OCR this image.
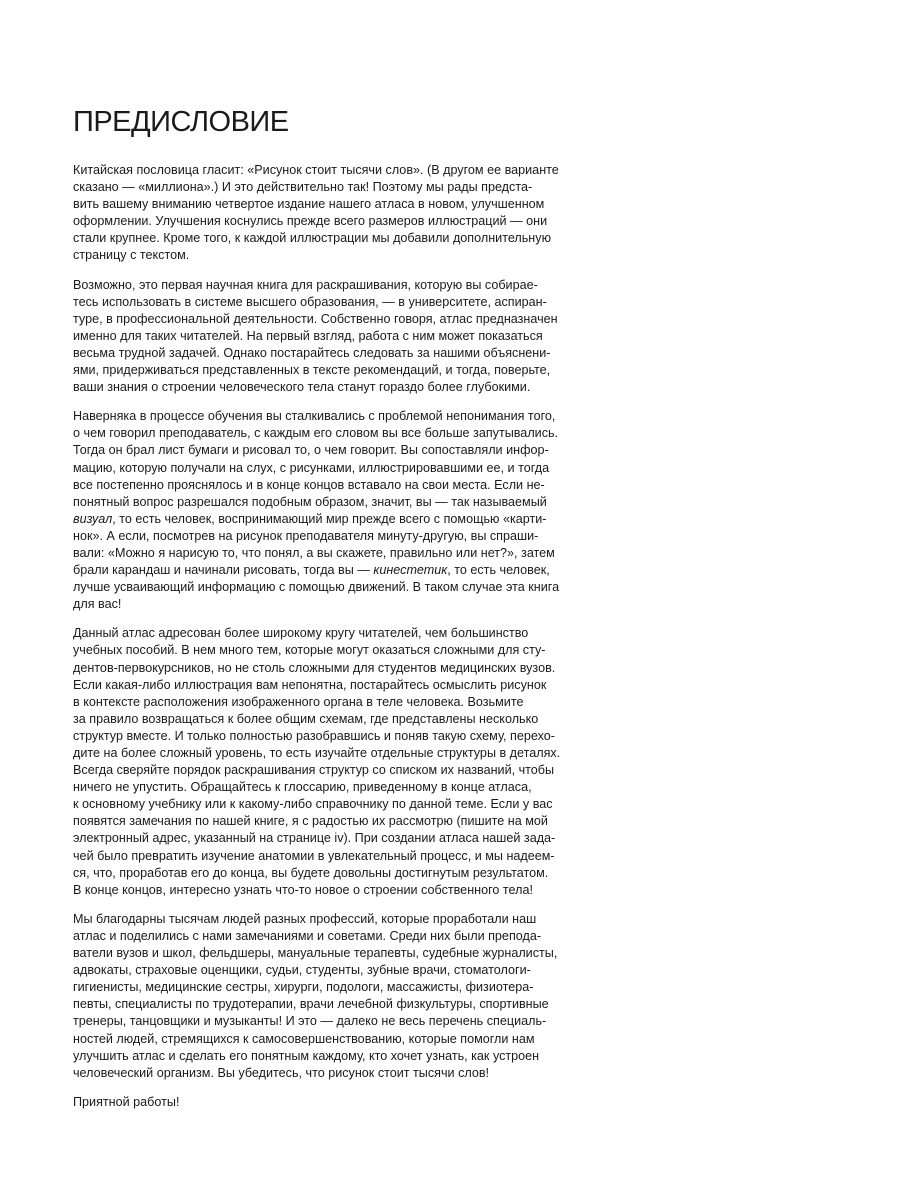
ПРЕДИСЛОВИЕ
Китайская пословица гласит: «Рисунок стоит тысячи слов». (В другом ее варианте
сказано — «миллиона».) И это действительно так! Поэтому мы рады предста-
вить вашему вниманию четвертое издание нашего атласа в новом, улучшенном
оформлении. Улучшения коснулись прежде всего размеров иллюстраций — они
стали крупнее. Кроме того, к каждой иллюстрации мы добавили дополнительную
страницу с текстом.
Возможно, это первая научная книга для раскрашивания, которую вы собирае-
тесь использовать в системе высшего образования, — в университете, аспиран-
туре, в профессиональной деятельности. Собственно говоря, атлас предназначен
именно для таких читателей. На первый взгляд, работа с ним может показаться
весьма трудной задачей. Однако постарайтесь следовать за нашими объяснени-
ями, придерживаться представленных в тексте рекомендаций, и тогда, поверьте,
ваши знания о строении человеческого тела станут гораздо более глубокими.
Наверняка в процессе обучения вы сталкивались с проблемой непонимания того,
о чем говорил преподаватель, с каждым его словом вы все больше запутывались.
Тогда он брал лист бумаги и рисовал то, о чем говорит. Вы сопоставляли инфор-
мацию, которую получали на слух, с рисунками, иллюстрировавшими ее, и тогда
все постепенно прояснялось и в конце концов вставало на свои места. Если не-
понятный вопрос разрешался подобным образом, значит, вы — так называемый
визуал, то есть человек, воспринимающий мир прежде всего с помощью «карти-
нок». А если, посмотрев на рисунок преподавателя минуту-другую, вы спраши-
вали: «Можно я нарисую то, что понял, а вы скажете, правильно или нет?», затем
брали карандаш и начинали рисовать, тогда вы — кинестетик, то есть человек,
лучше усваивающий информацию с помощью движений. В таком случае эта книга
для вас!
Данный атлас адресован более широкому кругу читателей, чем большинство
учебных пособий. В нем много тем, которые могут оказаться сложными для сту-
дентов-первокурсников, но не столь сложными для студентов медицинских вузов.
Если какая-либо иллюстрация вам непонятна, постарайтесь осмыслить рисунок
в контексте расположения изображенного органа в теле человека. Возьмите
за правило возвращаться к более общим схемам, где представлены несколько
структур вместе. И только полностью разобравшись и поняв такую схему, перехо-
дите на более сложный уровень, то есть изучайте отдельные структуры в деталях.
Всегда сверяйте порядок раскрашивания структур со списком их названий, чтобы
ничего не упустить. Обращайтесь к глоссарию, приведенному в конце атласа,
к основному учебнику или к какому-либо справочнику по данной теме. Если у вас
появятся замечания по нашей книге, я с радостью их рассмотрю (пишите на мой
электронный адрес, указанный на странице iv). При создании атласа нашей зада-
чей было превратить изучение анатомии в увлекательный процесс, и мы надеем-
ся, что, проработав его до конца, вы будете довольны достигнутым результатом.
В конце концов, интересно узнать что-то новое о строении собственного тела!
Мы благодарны тысячам людей разных профессий, которые проработали наш
атлас и поделились с нами замечаниями и советами. Среди них были препода-
ватели вузов и школ, фельдшеры, мануальные терапевты, судебные журналисты,
адвокаты, страховые оценщики, судьи, студенты, зубные врачи, стоматологи-
гигиенисты, медицинские сестры, хирурги, подологи, массажисты, физиотера-
певты, специалисты по трудотерапии, врачи лечебной физкультуры, спортивные
тренеры, танцовщики и музыканты! И это — далеко не весь перечень специаль-
ностей людей, стремящихся к самосовершенствованию, которые помогли нам
улучшить атлас и сделать его понятным каждому, кто хочет узнать, как устроен
человеческий организм. Вы убедитесь, что рисунок стоит тысячи слов!
Приятной работы!
